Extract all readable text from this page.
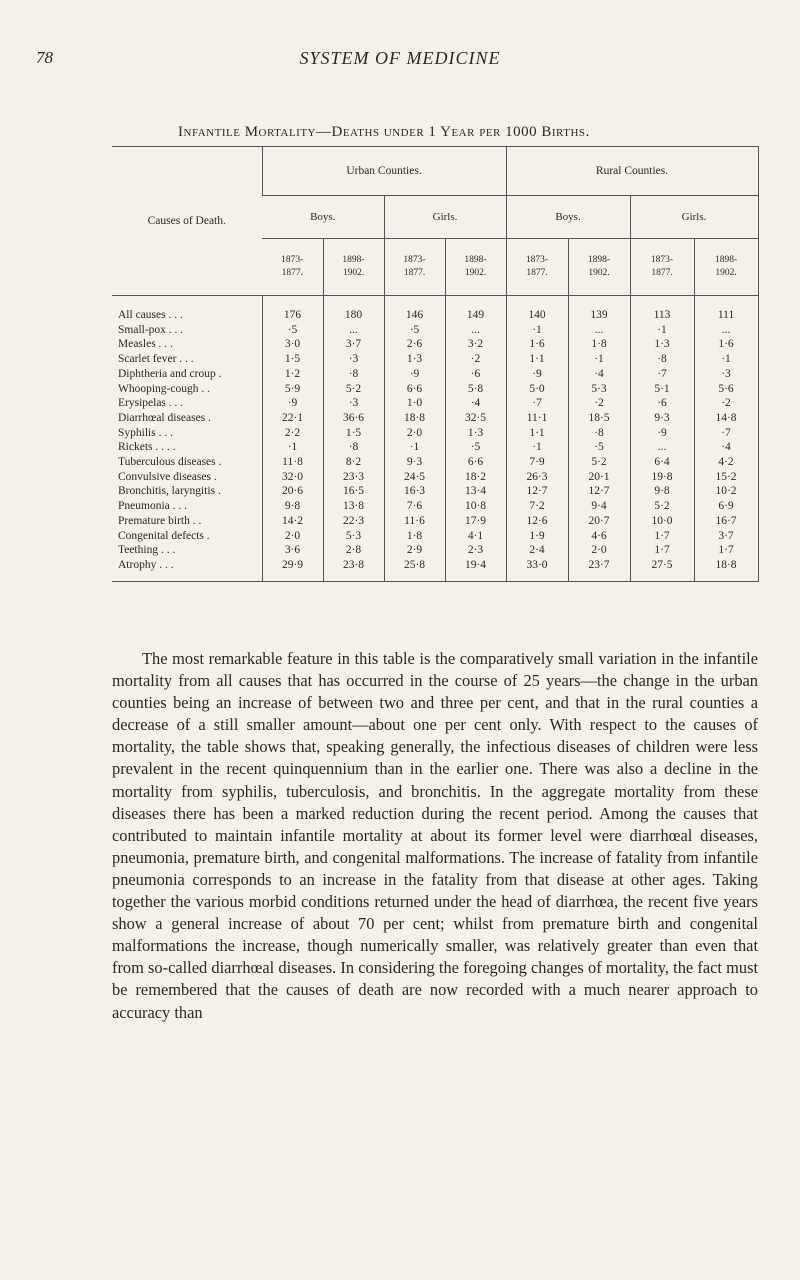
78	SYSTEM OF MEDICINE
Infantile Mortality—Deaths under 1 Year per 1000 Births.
Causes of Death.	Urban Counties.				Rural Counties.			
	Boys.		Girls.		Boys.		Girls.	
	1873-
1877.	1898-
1902.	1873-
1877.	1898-
1902.	1873-
1877.	1898-
1902.	1873-
1877.	1898-
1902.

All causes . . .	176	180	146	149	140	139	113	111
Small-pox . . .	·5	...	·5	...	·1	...	·1	...
Measles . . .	3·0	3·7	2·6	3·2	1·6	1·8	1·3	1·6
Scarlet fever . . .	1·5	·3	1·3	·2	1·1	·1	·8	·1
Diphtheria and croup .	1·2	·8	·9	·6	·9	·4	·7	·3
Whooping-cough . .	5·9	5·2	6·6	5·8	5·0	5·3	5·1	5·6
Erysipelas . . .	·9	·3	1·0	·4	·7	·2	·6	·2
Diarrhœal diseases .	22·1	36·6	18·8	32·5	11·1	18·5	9·3	14·8
Syphilis . . .	2·2	1·5	2·0	1·3	1·1	·8	·9	·7
Rickets . . . .	·1	·8	·1	·5	·1	·5	...	·4
Tuberculous diseases .	11·8	8·2	9·3	6·6	7·9	5·2	6·4	4·2
Convulsive diseases .	32·0	23·3	24·5	18·2	26·3	20·1	19·8	15·2
Bronchitis, laryngitis .	20·6	16·5	16·3	13·4	12·7	12·7	9·8	10·2
Pneumonia . . .	9·8	13·8	7·6	10·8	7·2	9·4	5·2	6·9
Premature birth . .	14·2	22·3	11·6	17·9	12·6	20·7	10·0	16·7
Congenital defects .	2·0	5·3	1·8	4·1	1·9	4·6	1·7	3·7
Teething . . .	3·6	2·8	2·9	2·3	2·4	2·0	1·7	1·7
Atrophy . . .	29·9	23·8	25·8	19·4	33·0	23·7	27·5	18·8

The most remarkable feature in this table is the comparatively small variation in the infantile mortality from all causes that has occurred in the course of 25 years—the change in the urban counties being an increase of between two and three per cent, and that in the rural counties a decrease of a still smaller amount—about one per cent only. With respect to the causes of mortality, the table shows that, speaking generally, the infectious diseases of children were less prevalent in the recent quinquennium than in the earlier one. There was also a decline in the mortality from syphilis, tuberculosis, and bronchitis. In the aggregate mortality from these diseases there has been a marked reduction during the recent period. Among the causes that contributed to maintain infantile mortality at about its former level were diarrhœal diseases, pneumonia, premature birth, and congenital malformations. The increase of fatality from infantile pneumonia corresponds to an increase in the fatality from that disease at other ages. Taking together the various morbid conditions returned under the head of diarrhœa, the recent five years show a general increase of about 70 per cent; whilst from premature birth and congenital malformations the increase, though numerically smaller, was relatively greater than even that from so-called diarrhœal diseases. In considering the foregoing changes of mortality, the fact must be remembered that the causes of death are now recorded with a much nearer approach to accuracy than
